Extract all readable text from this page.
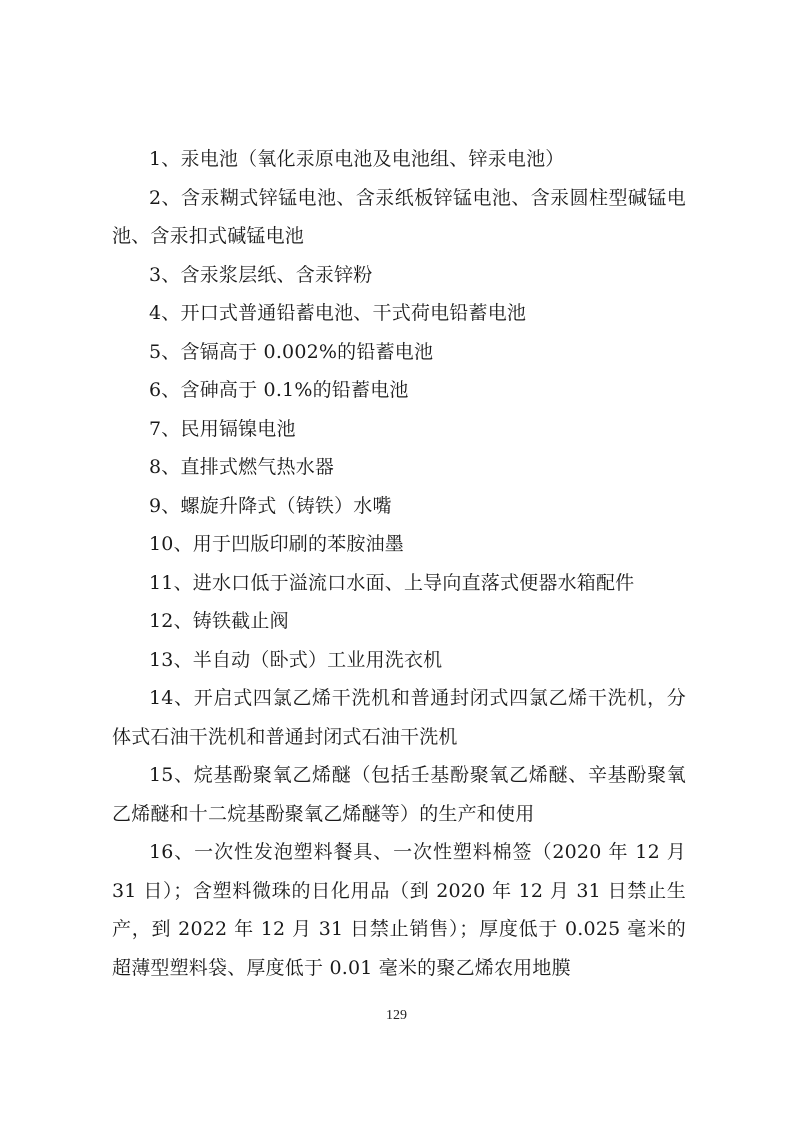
1、汞电池（氧化汞原电池及电池组、锌汞电池）

2、含汞糊式锌锰电池、含汞纸板锌锰电池、含汞圆柱型碱锰电池、含汞扣式碱锰电池

3、含汞浆层纸、含汞锌粉

4、开口式普通铅蓄电池、干式荷电铅蓄电池

5、含镉高于 0.002%的铅蓄电池

6、含砷高于 0.1%的铅蓄电池

7、民用镉镍电池

8、直排式燃气热水器

9、螺旋升降式（铸铁）水嘴

10、用于凹版印刷的苯胺油墨

11、进水口低于溢流口水面、上导向直落式便器水箱配件

12、铸铁截止阀

13、半自动（卧式）工业用洗衣机

14、开启式四氯乙烯干洗机和普通封闭式四氯乙烯干洗机，分体式石油干洗机和普通封闭式石油干洗机

15、烷基酚聚氧乙烯醚（包括壬基酚聚氧乙烯醚、辛基酚聚氧乙烯醚和十二烷基酚聚氧乙烯醚等）的生产和使用

16、一次性发泡塑料餐具、一次性塑料棉签（2020 年 12 月 31 日）；含塑料微珠的日化用品（到 2020 年 12 月 31 日禁止生产，到 2022 年 12 月 31 日禁止销售）；厚度低于 0.025 毫米的超薄型塑料袋、厚度低于 0.01 毫米的聚乙烯农用地膜

129
